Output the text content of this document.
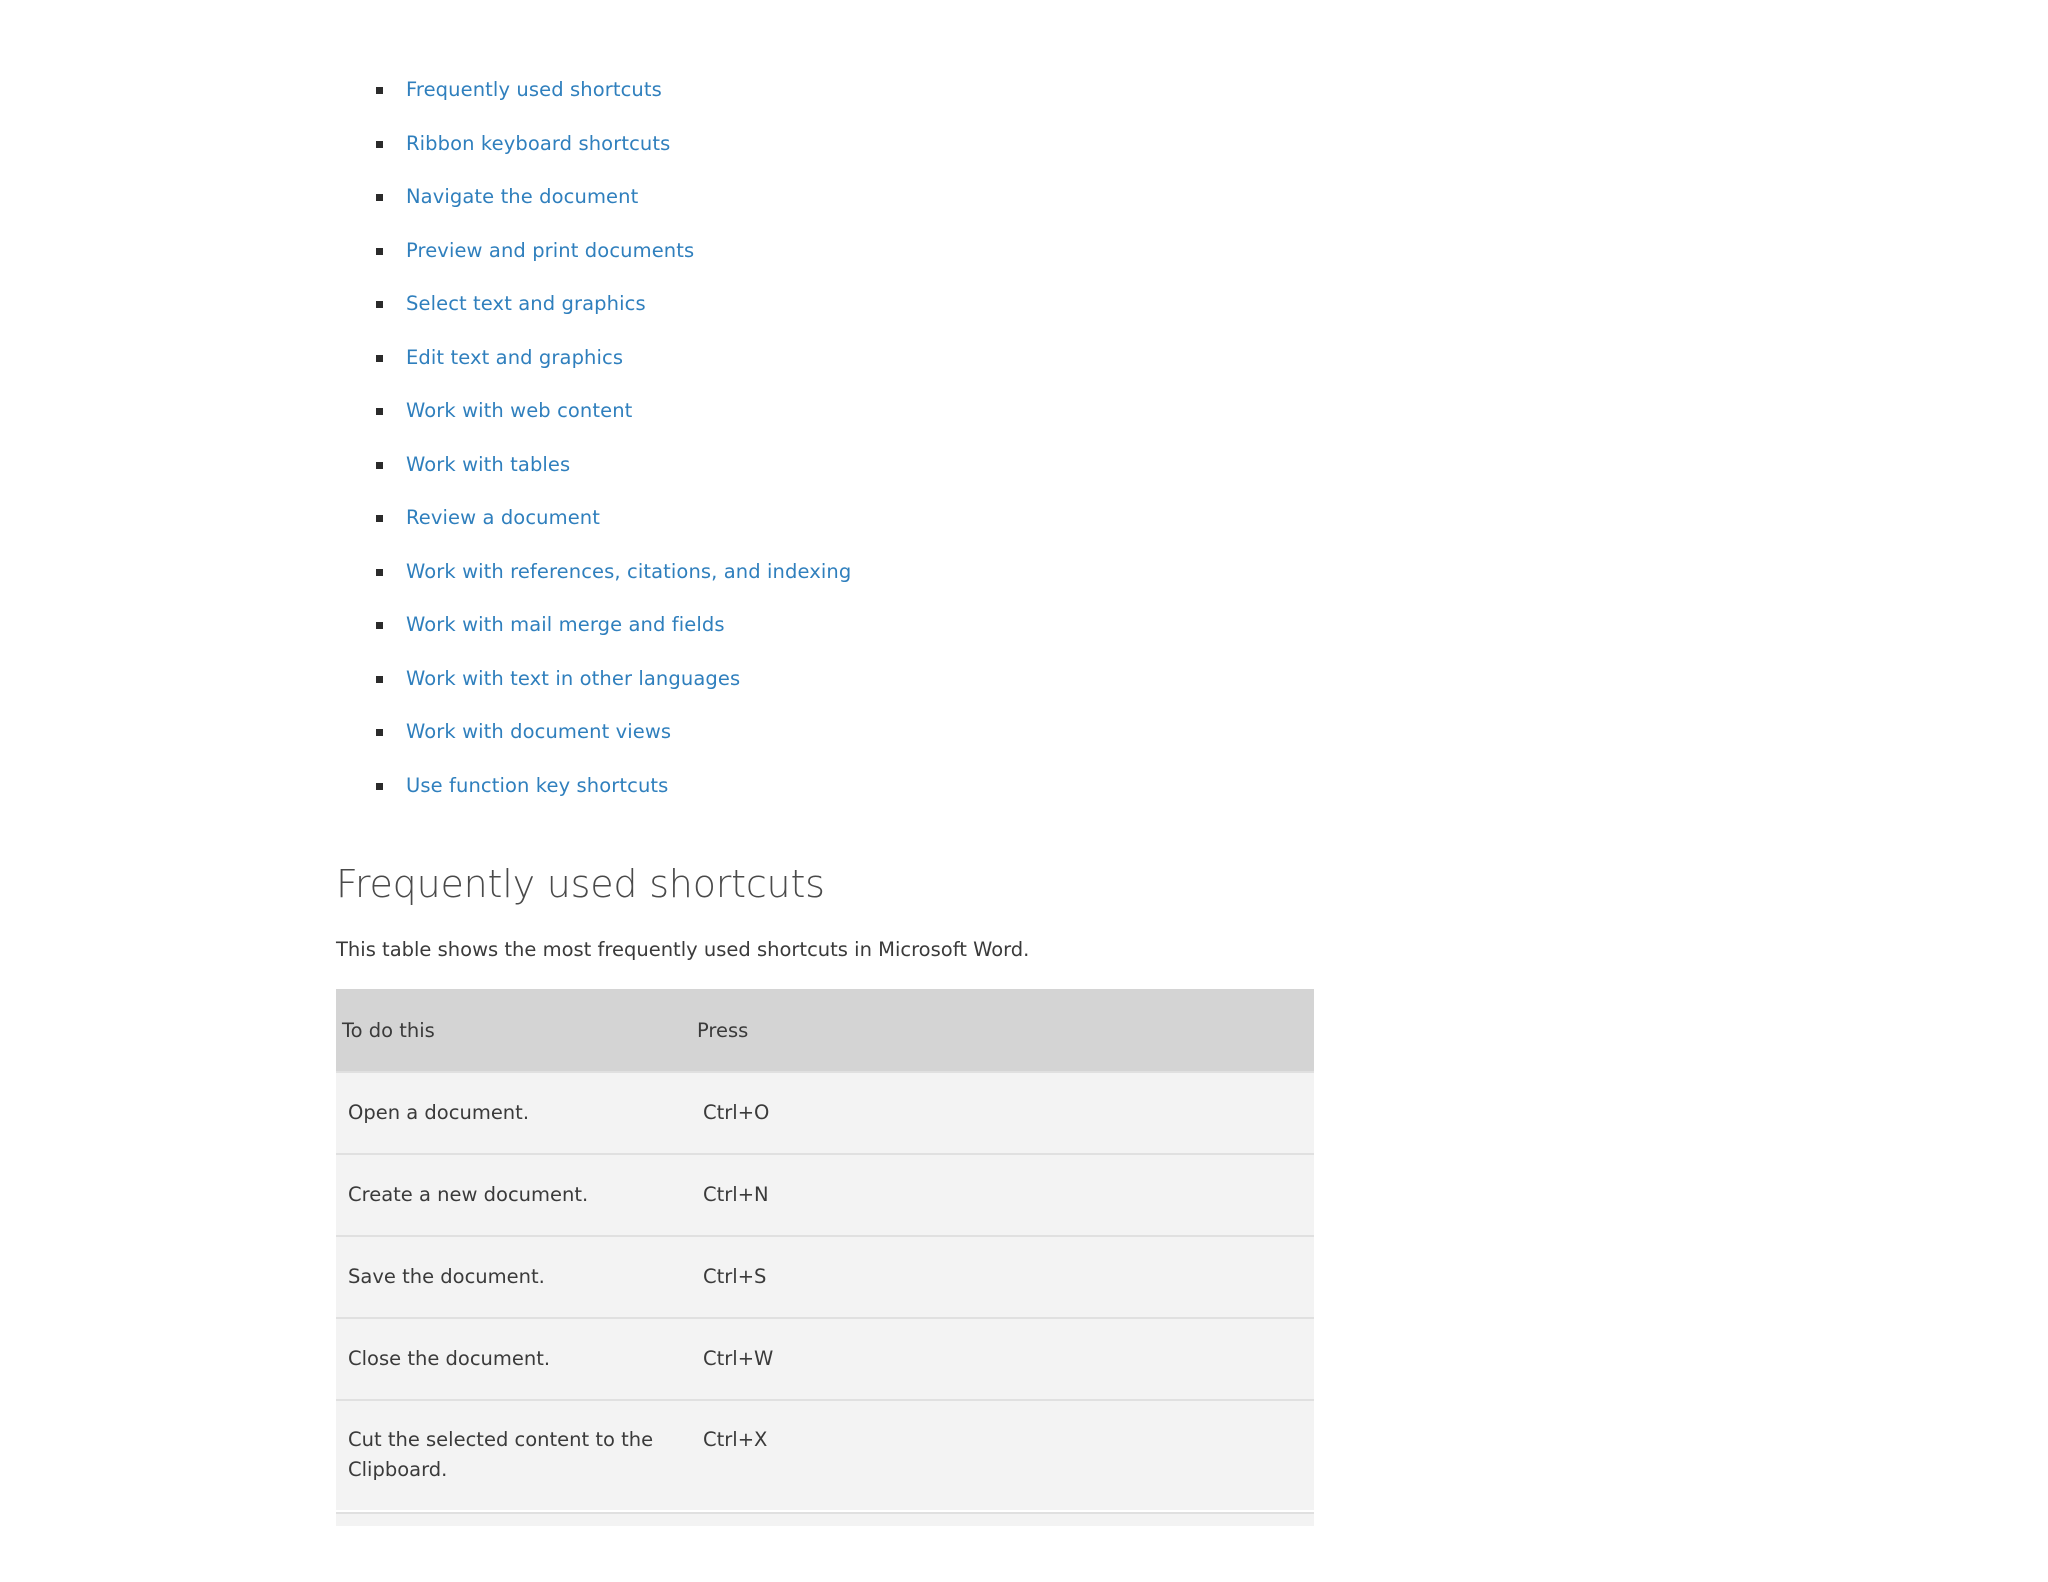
Frequently used shortcuts
Ribbon keyboard shortcuts
Navigate the document
Preview and print documents
Select text and graphics
Edit text and graphics
Work with web content
Work with tables
Review a document
Work with references, citations, and indexing
Work with mail merge and fields
Work with text in other languages
Work with document views
Use function key shortcuts
Frequently used shortcuts

This table shows the most frequently used shortcuts in Microsoft Word.

To do this	Press
Open a document.	Ctrl+O
Create a new document.	Ctrl+N
Save the document.	Ctrl+S
Close the document.	Ctrl+W
Cut the selected content to the Clipboard.	Ctrl+X
